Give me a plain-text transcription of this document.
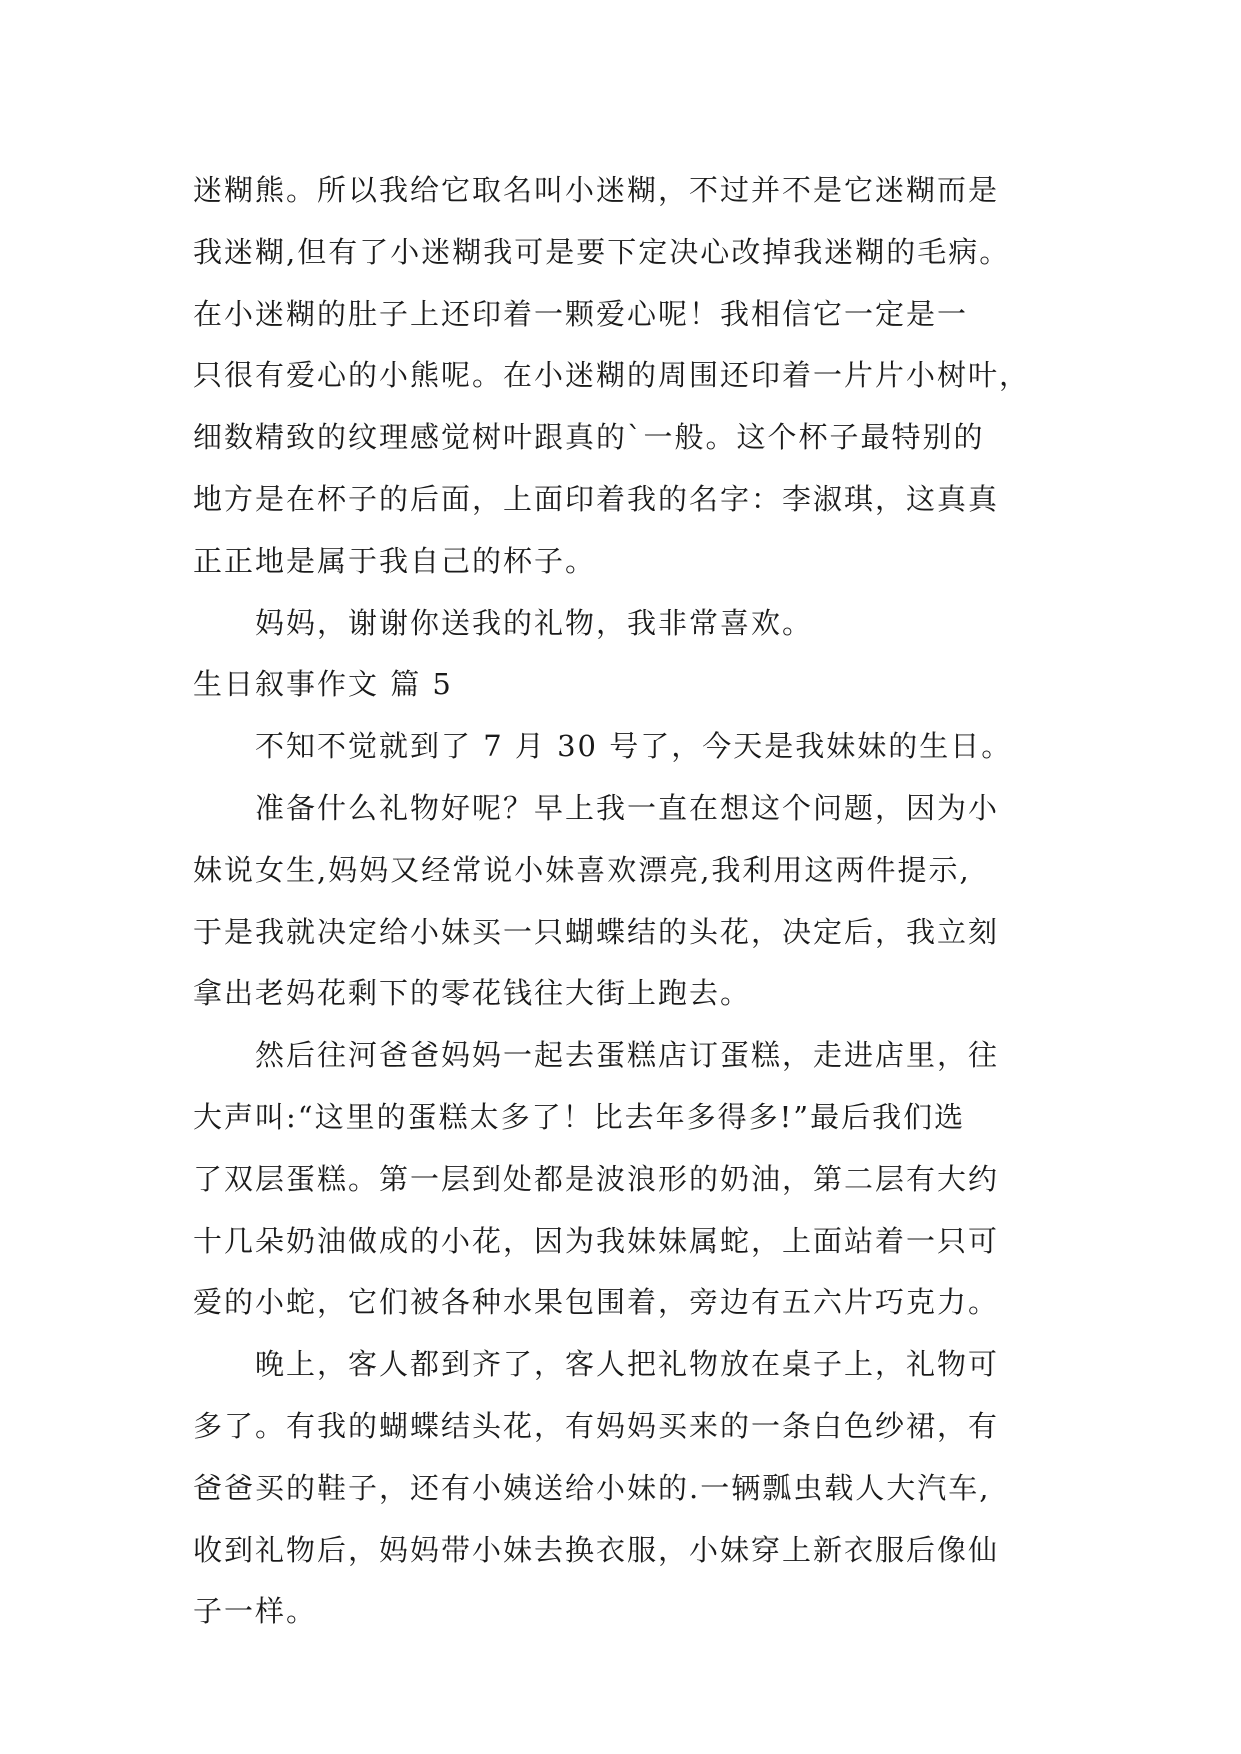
迷糊熊。所以我给它取名叫小迷糊，不过并不是它迷糊而是
我迷糊,但有了小迷糊我可是要下定决心改掉我迷糊的毛病。
在小迷糊的肚子上还印着一颗爱心呢！我相信它一定是一
只很有爱心的小熊呢。在小迷糊的周围还印着一片片小树叶，
细数精致的纹理感觉树叶跟真的`一般。这个杯子最特别的
地方是在杯子的后面，上面印着我的名字：李淑琪，这真真
正正地是属于我自己的杯子。
妈妈，谢谢你送我的礼物，我非常喜欢。
生日叙事作文 篇 5
不知不觉就到了 7 月 30 号了，今天是我妹妹的生日。
准备什么礼物好呢？早上我一直在想这个问题，因为小
妹说女生,妈妈又经常说小妹喜欢漂亮,我利用这两件提示,
于是我就决定给小妹买一只蝴蝶结的头花，决定后，我立刻
拿出老妈花剩下的零花钱往大街上跑去。
然后往河爸爸妈妈一起去蛋糕店订蛋糕，走进店里，往
大声叫:“这里的蛋糕太多了！比去年多得多!”最后我们选
了双层蛋糕。第一层到处都是波浪形的奶油，第二层有大约
十几朵奶油做成的小花，因为我妹妹属蛇，上面站着一只可
爱的小蛇，它们被各种水果包围着，旁边有五六片巧克力。
晚上，客人都到齐了，客人把礼物放在桌子上，礼物可
多了。有我的蝴蝶结头花，有妈妈买来的一条白色纱裙，有
爸爸买的鞋子，还有小姨送给小妹的.一辆瓢虫载人大汽车,
收到礼物后，妈妈带小妹去换衣服，小妹穿上新衣服后像仙
子一样。
